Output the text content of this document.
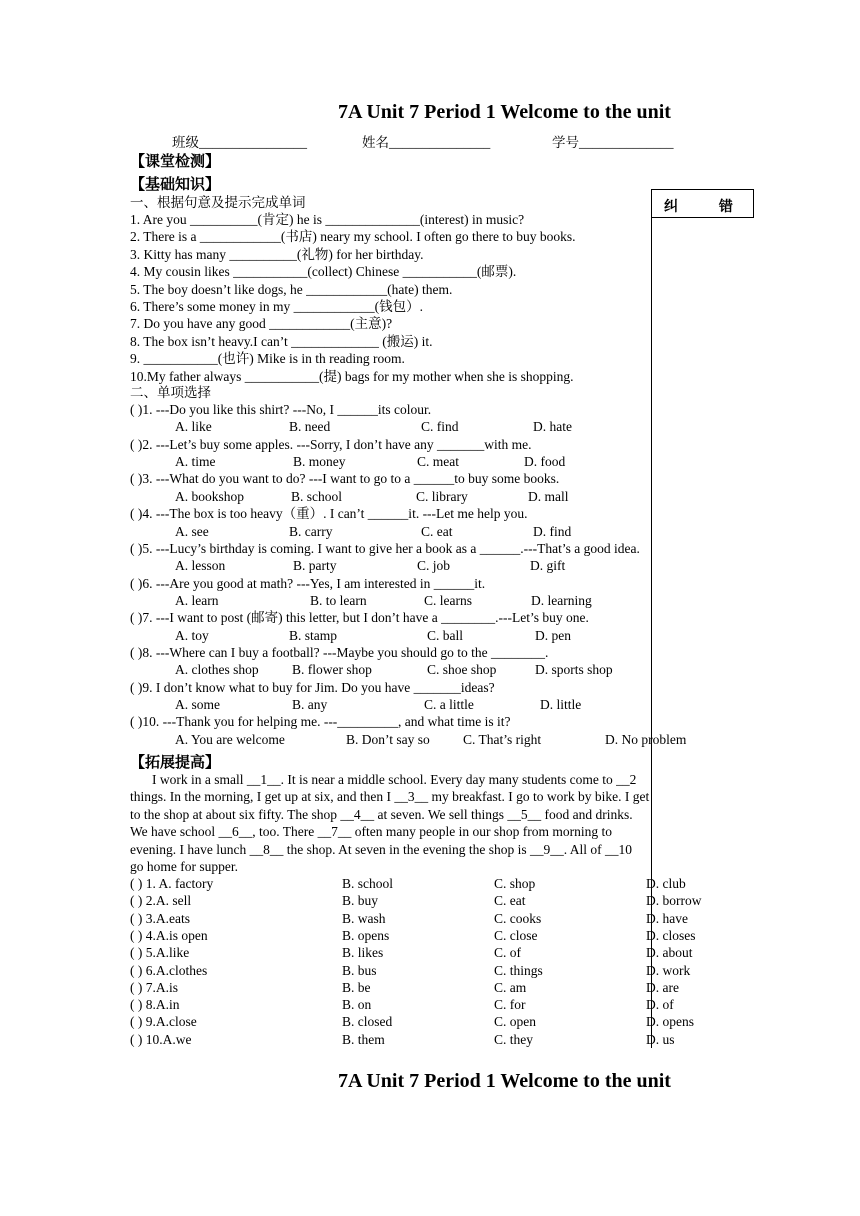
7A Unit 7 Period 1 Welcome to the unit
班级________________	姓名_______________	学号______________
【课堂检测】
【基础知识】
纠 错
一、根据句意及提示完成单词
1. Are you __________(肯定) he is ______________(interest) in music?
2. There is a ____________(书店) neary my school. I often go there to buy books.
3. Kitty has many __________(礼物) for her birthday.
4. My cousin likes ___________(collect) Chinese ___________(邮票).
5. The boy doesn’t like dogs, he ____________(hate) them.
6. There’s some money in my ____________(钱包）.
7. Do you have any good ____________(主意)?
8. The box isn’t heavy.I can’t _____________ (搬运) it.
9. ___________(也许) Mike is in th reading room.
10.My father always ___________(提) bags for my mother when she is shopping.
二、单项选择
( )1. ---Do you like this shirt? ---No, I ______its colour.
A. like	B. need	C. find	D. hate
( )2. ---Let’s buy some apples. ---Sorry, I don’t have any _______with me.
A. time	B. money	C. meat	D. food
( )3. ---What do you want to do? ---I want to go to a ______to buy some books.
A. bookshop	B. school	C. library	D. mall
( )4. ---The box is too heavy（重）. I can’t ______it. ---Let me help you.
A. see	B. carry	C. eat	D. find
( )5. ---Lucy’s birthday is coming. I want to give her a book as a ______.---That’s a good idea.
A. lesson	B. party	C. job	D. gift
( )6. ---Are you good at math? ---Yes, I am interested in ______it.
A. learn	B. to learn	C. learns	D. learning
( )7. ---I want to post (邮寄) this letter, but I don’t have a ________.---Let’s buy one.
A. toy	B. stamp	C. ball	D. pen
( )8. ---Where can I buy a football? ---Maybe you should go to the ________.
A. clothes shop B. flower shop	C. shoe shop	D. sports shop
( )9. I don’t know what to buy for Jim. Do you have _______ideas?
A. some	B. any	C. a little	D. little
( )10. ---Thank you for helping me. ---_________, and what time is it?
A. You are welcome	B. Don’t say so C. That’s right	D. No problem
【拓展提高】
I work in a small __1__. It is near a middle school. Every day many students come to __2
things. In the morning, I get up at six, and then I __3__ my breakfast. I go to work by bike. I get
to the shop at about six fifty. The shop __4__ at seven. We sell things __5__ food and drinks.
We have school __6__, too. There __7__ often many people in our shop from morning to
evening. I have lunch __8__ the shop. At seven in the evening the shop is __9__. All of __10
go home for supper.
( ) 1. A. factory	B. school	C. shop	D. club
( ) 2.A. sell	B. buy	C. eat	D. borrow
( ) 3.A.eats	B. wash	C. cooks	D. have
( ) 4.A.is open	B. opens	C. close	D. closes
( ) 5.A.like	B. likes	C. of	D. about
( ) 6.A.clothes	B. bus	C. things	D. work
( ) 7.A.is	B. be	C. am	D. are
( ) 8.A.in	B. on	C. for	D. of
( ) 9.A.close	B. closed	C. open	D. opens
( ) 10.A.we	B. them	C. they	D. us
7A Unit 7 Period 1 Welcome to the unit
